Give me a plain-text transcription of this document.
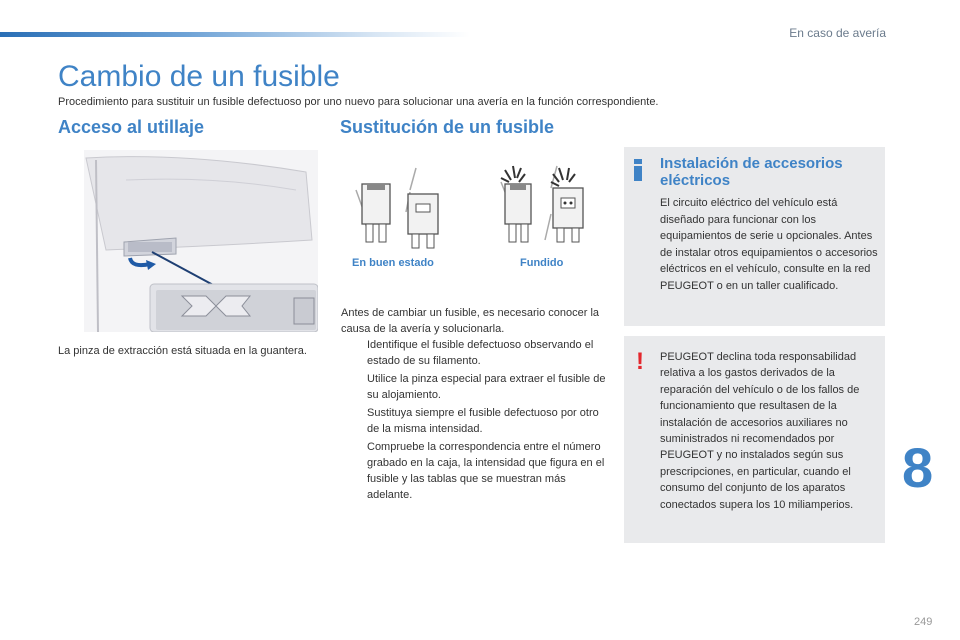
En caso de avería
Cambio de un fusible
Procedimiento para sustituir un fusible defectuoso por uno nuevo para solucionar una avería en la función correspondiente.
Acceso al utillaje	Sustitución de un fusible
La pinza de extracción está situada en la guantera.
En buen estado	Fundido

Antes de cambiar un fusible, es necesario conocer la causa de la avería y solucionarla.

Identifique el fusible defectuoso observando el estado de su filamento.
Utilice la pinza especial para extraer el fusible de su alojamiento.
Sustituya siempre el fusible defectuoso por otro de la misma intensidad.
Compruebe la correspondencia entre el número grabado en la caja, la intensidad que figura en el fusible y las tablas que se muestran más adelante.
Instalación de accesorios eléctricos
El circuito eléctrico del vehículo está diseñado para funcionar con los equipamientos de serie u opcionales. Antes de instalar otros equipamientos o accesorios eléctricos en el vehículo, consulte en la red PEUGEOT o en un taller cualificado.
! PEUGEOT declina toda responsabilidad relativa a los gastos derivados de la reparación del vehículo o de los fallos de funcionamiento que resultasen de la instalación de accesorios auxiliares no suministrados ni recomendados por PEUGEOT y no instalados según sus prescripciones, en particular, cuando el consumo del conjunto de los aparatos conectados supera los 10 miliamperios.
8
249
